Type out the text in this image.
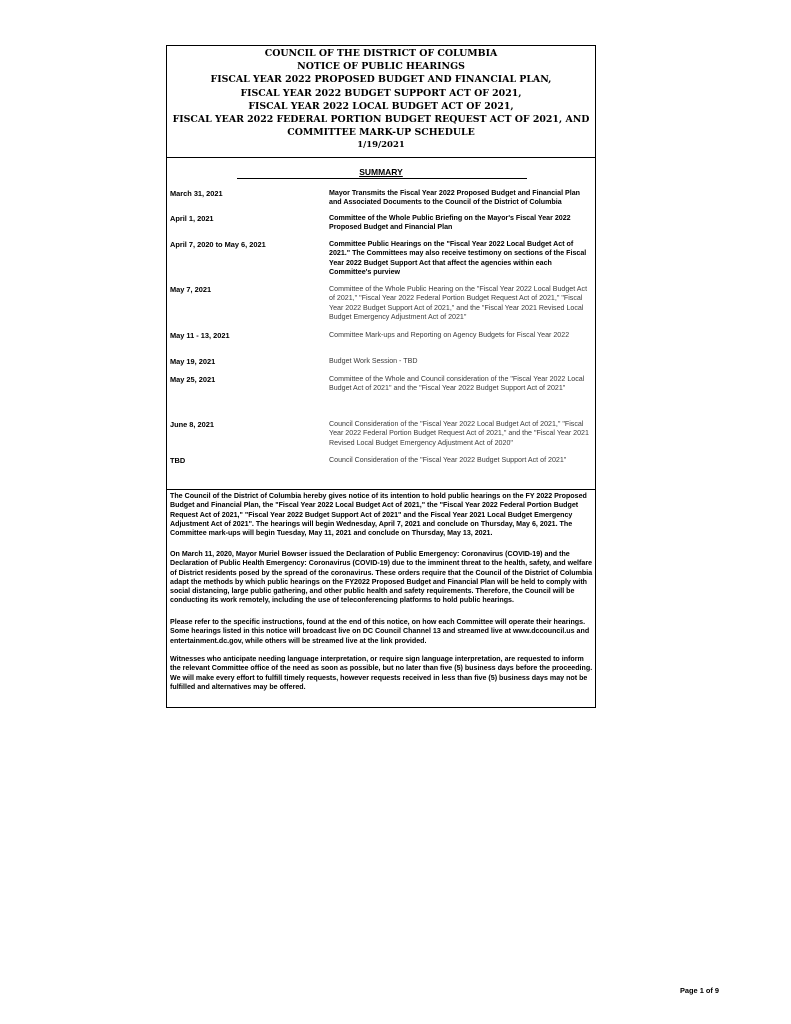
COUNCIL OF THE DISTRICT OF COLUMBIA
NOTICE OF PUBLIC HEARINGS
FISCAL YEAR 2022 PROPOSED BUDGET AND FINANCIAL PLAN,
FISCAL YEAR 2022 BUDGET SUPPORT ACT OF 2021,
FISCAL YEAR 2022 LOCAL BUDGET ACT OF 2021,
FISCAL YEAR 2022 FEDERAL PORTION BUDGET REQUEST ACT OF 2021, AND
COMMITTEE MARK-UP SCHEDULE
1/19/2021
SUMMARY
March 31, 2021	Mayor Transmits the Fiscal Year 2022 Proposed Budget and Financial Plan and Associated Documents to the Council of the District of Columbia
April 1, 2021	Committee of the Whole Public Briefing on the Mayor's Fiscal Year 2022 Proposed Budget and Financial Plan
April 7, 2020 to May 6, 2021	Committee Public Hearings on the "Fiscal Year 2022 Local Budget Act of 2021." The Committees may also receive testimony on sections of the Fiscal Year 2022 Budget Support Act that affect the agencies within each Committee's purview
May 7, 2021	Committee of the Whole Public Hearing on the "Fiscal Year 2022 Local Budget Act of 2021," "Fiscal Year 2022 Federal Portion Budget Request Act of 2021," "Fiscal Year 2022 Budget Support Act of 2021," and the "Fiscal Year 2021 Revised Local Budget Emergency Adjustment Act of 2021"
May 11 - 13, 2021	Committee Mark-ups and Reporting on Agency Budgets for Fiscal Year 2022
May 19, 2021	Budget Work Session - TBD
May 25, 2021	Committee of the Whole and Council consideration of the "Fiscal Year 2022 Local Budget Act of 2021" and the "Fiscal Year 2022 Budget Support Act of 2021"
June 8, 2021	Council Consideration of the "Fiscal Year 2022 Local Budget Act of 2021," "Fiscal Year 2022 Federal Portion Budget Request Act of 2021," and the "Fiscal Year 2021 Revised Local Budget Emergency Adjustment Act of 2020"
TBD	Council Consideration of the "Fiscal Year 2022 Budget Support Act of 2021"
The Council of the District of Columbia hereby gives notice of its intention to hold public hearings on the FY 2022 Proposed Budget and Financial Plan, the "Fiscal Year 2022 Local Budget Act of 2021," the "Fiscal Year 2022 Federal Portion Budget Request Act of 2021," "Fiscal Year 2022 Budget Support Act of 2021" and the Fiscal Year 2021 Local Budget Emergency Adjustment Act of 2021". The hearings will begin Wednesday, April 7, 2021 and conclude on Thursday, May 6, 2021. The Committee mark-ups will begin Tuesday, May 11, 2021 and conclude on Thursday, May 13, 2021.
On March 11, 2020, Mayor Muriel Bowser issued the Declaration of Public Emergency: Coronavirus (COVID-19) and the Declaration of Public Health Emergency: Coronavirus (COVID-19) due to the imminent threat to the health, safety, and welfare of District residents posed by the spread of the coronavirus. These orders require that the Council of the District of Columbia adapt the methods by which public hearings on the FY2022 Proposed Budget and Financial Plan will be held to comply with social distancing, large public gathering, and other public health and safety requirements. Therefore, the Council will be conducting its work remotely, including the use of teleconferencing platforms to hold public hearings.
Please refer to the specific instructions, found at the end of this notice, on how each Committee will operate their hearings. Some hearings listed in this notice will broadcast live on DC Council Channel 13 and streamed live at www.dccouncil.us and entertainment.dc.gov, while others will be streamed live at the link provided.
Witnesses who anticipate needing language interpretation, or require sign language interpretation, are requested to inform the relevant Committee office of the need as soon as possible, but no later than five (5) business days before the proceeding. We will make every effort to fulfill timely requests, however requests received in less than five (5) business days may not be fulfilled and alternatives may be offered.
Page 1 of 9
